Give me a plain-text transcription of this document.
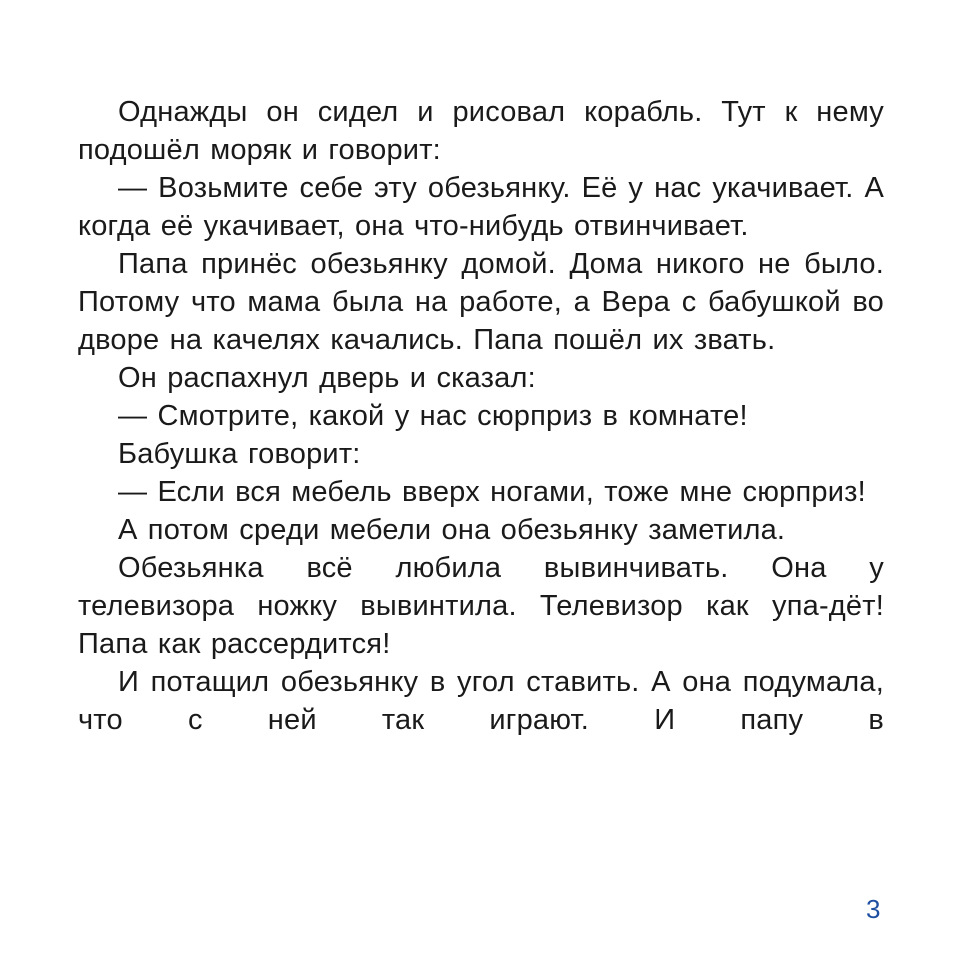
Однажды он сидел и рисовал корабль. Тут к нему подошёл моряк и говорит:

— Возьмите себе эту обезьянку. Её у нас укачивает. А когда её укачивает, она что-нибудь отвинчивает.

Папа принёс обезьянку домой. Дома никого не было. Потому что мама была на работе, а Вера с бабушкой во дворе на качелях качались. Папа пошёл их звать.

Он распахнул дверь и сказал:

— Смотрите, какой у нас сюрприз в комнате!

Бабушка говорит:

— Если вся мебель вверх ногами, тоже мне сюрприз!

А потом среди мебели она обезьянку заметила.

Обезьянка всё любила вывинчивать. Она у телевизора ножку вывинтила. Телевизор как упа-дёт! Папа как рассердится!

И потащил обезьянку в угол ставить. А она подумала, что с ней так играют. И папу в

3
